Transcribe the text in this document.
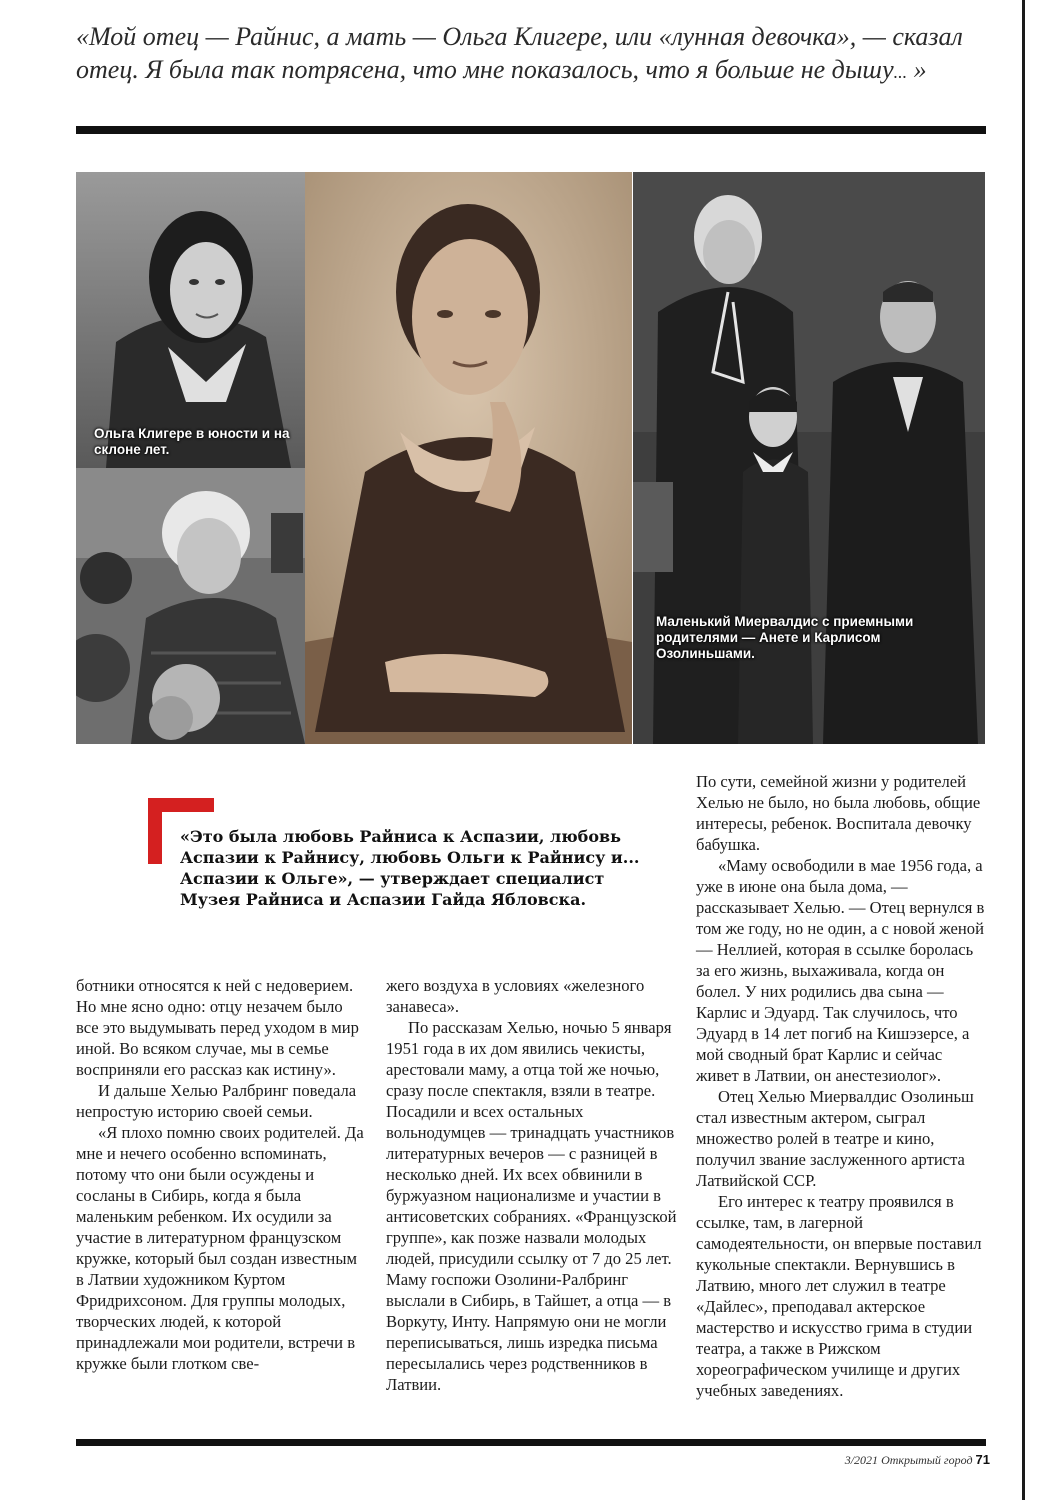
«Мой отец — Райнис, а мать — Ольга Клигере, или «лунная девочка», — сказал отец. Я была так потрясена, что мне показалось, что я больше не дышу... »
Ольга Клигере в юности и на склоне лет.
Маленький Миервалдис с приемными родителями — Анете и Карлисом Озолиньшами.
«Это была любовь Райниса к Аспазии, любовь Аспазии к Райнису, любовь Ольги к Райнису и... Аспазии к Ольге», — утверждает специалист Музея Райниса и Аспазии Гайда Ябловска.

ботники относятся к ней с недоверием. Но мне ясно одно: отцу незачем было все это выдумывать перед уходом в мир иной. Во всяком случае, мы в семье восприняли его рассказ как истину».

И дальше Хелью Ралбринг поведала непростую историю своей семьи.

«Я плохо помню своих родителей. Да мне и нечего особенно вспоминать, потому что они были осуждены и сосланы в Сибирь, когда я была маленьким ребенком. Их осудили за участие в литературном французском кружке, который был создан известным в Латвии художником Куртом Фридрихсоном. Для группы молодых, творческих людей, к которой принадлежали мои родители, встречи в кружке были глотком све-

жего воздуха в условиях «железного занавеса».

По рассказам Хелью, ночью 5 января 1951 года в их дом явились чекисты, арестовали маму, а отца той же ночью, сразу после спектакля, взяли в театре. Посадили и всех остальных вольнодумцев — тринадцать участников литературных вечеров — с разницей в несколько дней. Их всех обвинили в буржуазном национализме и участии в антисоветских собраниях. «Французской группе», как позже назвали молодых людей, присудили ссылку от 7 до 25 лет. Маму госпожи Озолини-Ралбринг выслали в Сибирь, в Тайшет, а отца — в Воркуту, Инту. Напрямую они не могли переписываться, лишь изредка письма пересылались через родственников в Латвии.

По сути, семейной жизни у родителей Хелью не было, но была любовь, общие интересы, ребенок. Воспитала девочку бабушка.

«Маму освободили в мае 1956 года, а уже в июне она была дома, — рассказывает Хелью. — Отец вернулся в том же году, но не один, а с новой женой — Неллией, которая в ссылке боролась за его жизнь, выхаживала, когда он болел. У них родились два сына — Карлис и Эдуард. Так случилось, что Эдуард в 14 лет погиб на Кишэзерсе, а мой сводный брат Карлис и сейчас живет в Латвии, он анестезиолог».

Отец Хелью Миервалдис Озолиньш стал известным актером, сыграл множество ролей в театре и кино, получил звание заслуженного артиста Латвийской ССР.

Его интерес к театру проявился в ссылке, там, в лагерной самодеятельности, он впервые поставил кукольные спектакли. Вернувшись в Латвию, много лет служил в театре «Дайлес», преподавал актерское мастерство и искусство грима в студии театра, а также в Рижском хореографическом училище и других учебных заведениях.

3/2021 Открытый город 71
